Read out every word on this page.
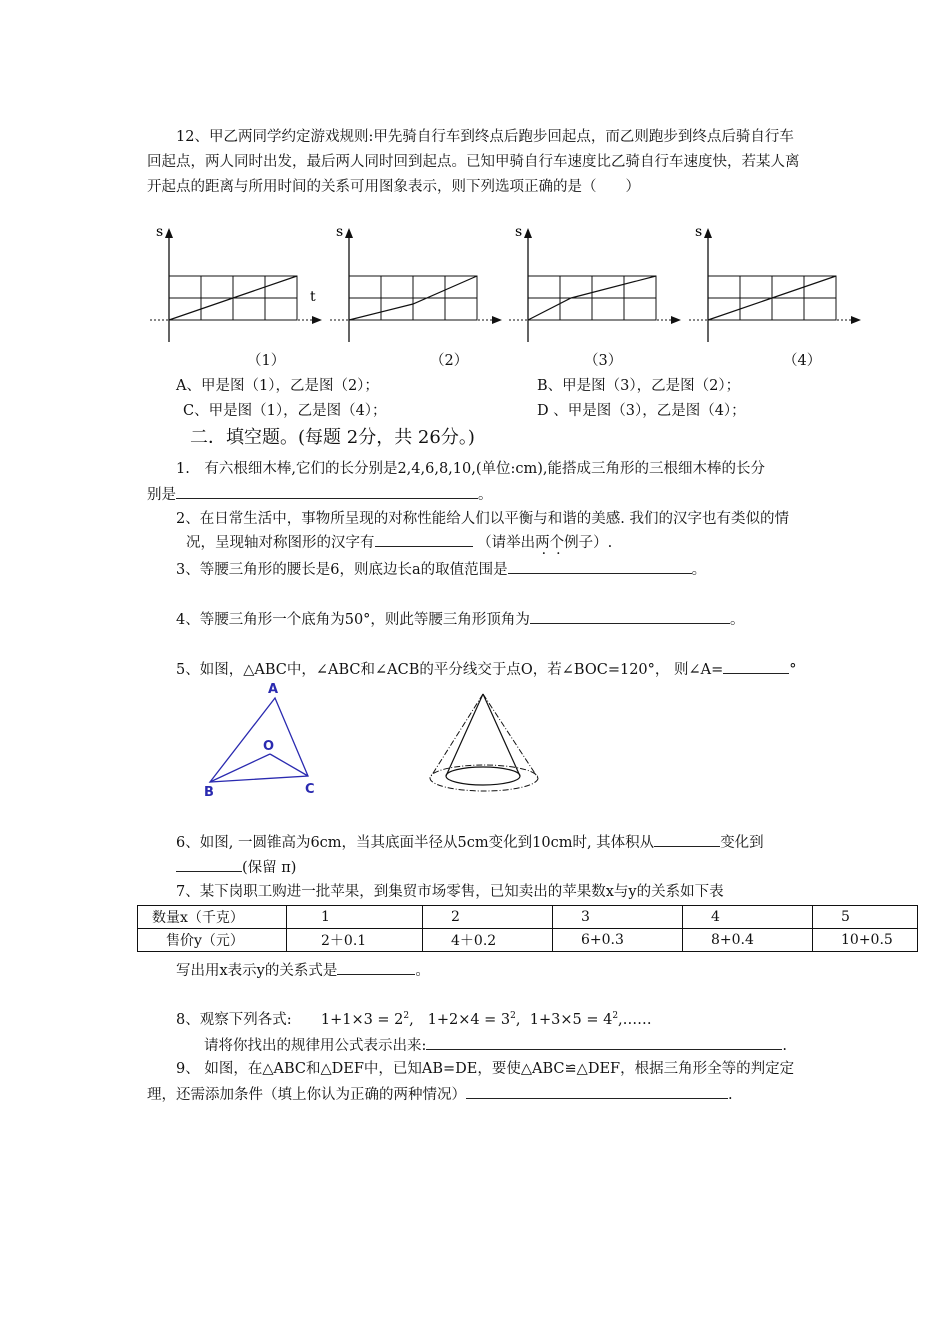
12、甲乙两同学约定游戏规则:甲先骑自行车到终点后跑步回起点，而乙则跑步到终点后骑自行车
回起点，两人同时出发，最后两人同时回到起点。已知甲骑自行车速度比乙骑自行车速度快，若某人离
开起点的距离与所用时间的关系可用图象表示，则下列选项正确的是（　　）
s
t
s	s	s
（1）	（2）	（3）	（4）
A、甲是图（1），乙是图（2）；	B、甲是图（3），乙是图（2）；
C、甲是图（1），乙是图（4）；	D 、甲是图（3），乙是图（4）；
二．填空题。(每题 2分，共 26分。)
1.　有六根细木棒,它们的长分别是2,4,6,8,10,(单位:cm),能搭成三角形的三根细木棒的长分
别是	。
2、在日常生活中，事物所呈现的对称性能给人们以平衡与和谐的美感. 我们的汉字也有类似的情
况，呈现轴对称图形的汉字有	（请举出两个例子）.
3、等腰三角形的腰长是6，则底边长a的取值范围是	。
4、等腰三角形一个底角为50°，则此等腰三角形顶角为	。
5、如图，△ABC中，∠ABC和∠ACB的平分线交于点O，若∠BOC=120°， 则∠A=	°
A
O
B	C
6、如图, 一圆锥高为6cm，当其底面半径从5cm变化到10cm时, 其体积从	变化到
(保留 π)
7、某下岗职工购进一批苹果，到集贸市场零售，已知卖出的苹果数x与y的关系如下表
数量x（千克）	1	2	3	4	5
售价y（元）	2＋0.1	4＋0.2	6+0.3	8+0.4	10+0.5
写出用x表示y的关系式是	。
8、观察下列各式: $1+1\times 3 = 2^2$,   $1+2\times 4 = 3^2$,  $1+3\times 5 = 4^2,\dots\dots$
请将你找出的规律用公式表示出来:	.
9、 如图，在△ABC和△DEF中，已知AB=DE，要使△ABC≌△DEF，根据三角形全等的判定定
理，还需添加条件（填上你认为正确的两种情况）	.
